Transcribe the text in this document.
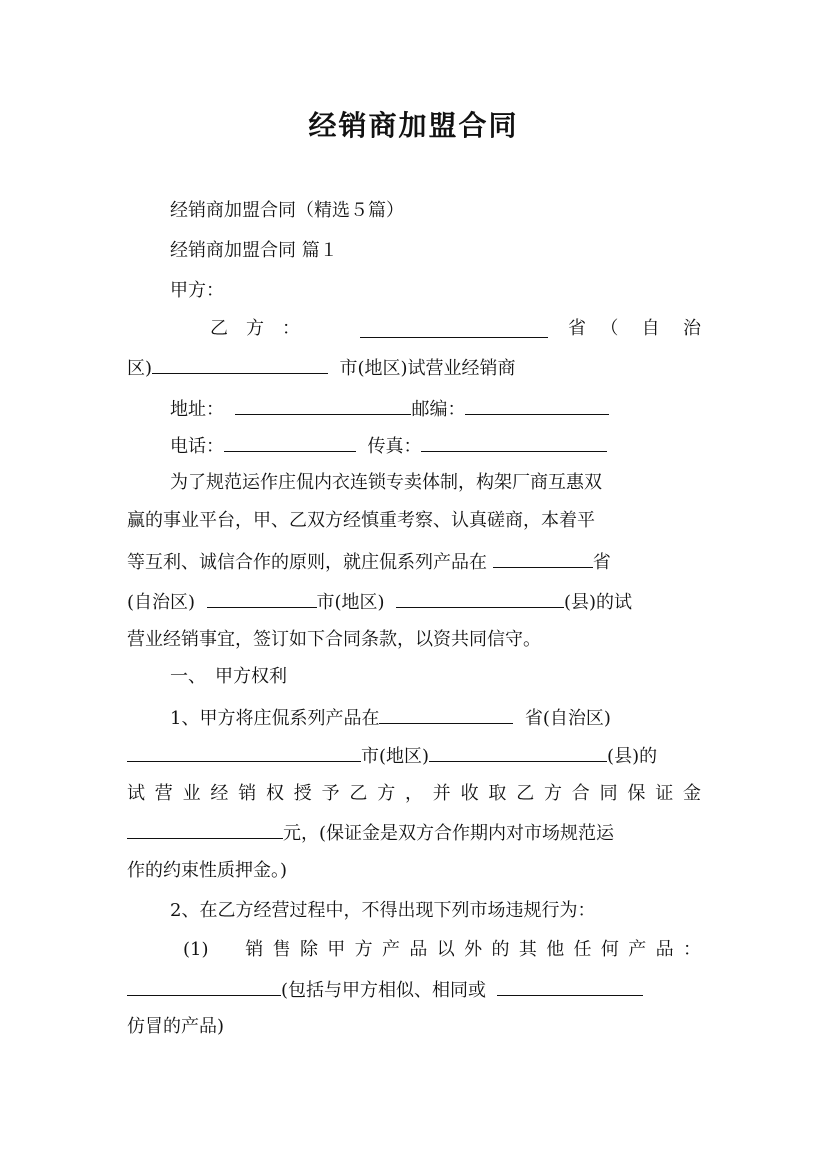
经销商加盟合同
经销商加盟合同（精选５篇）
经销商加盟合同 篇１
甲方：
乙　方　：	省　（　自　治
区)	市(地区)试营业经销商
地址：	邮编：
电话：	传真：
为了规范运作庄侃内衣连锁专卖体制，构架厂商互惠双
赢的事业平台，甲、乙双方经慎重考察、认真磋商，本着平
等互利、诚信合作的原则，就庄侃系列产品在	省
(自治区)	市(地区)	(县)的试
营业经销事宜，签订如下合同条款，以资共同信守。
一、　甲方权利
1、甲方将庄侃系列产品在	省(自治区)
市(地区)	(县)的
试营业经销权授予乙方，并收取乙方合同保证金
元，(保证金是双方合作期内对市场规范运
作的约束性质押金。)
2、在乙方经营过程中，不得出现下列市场违规行为：
(1)　销售除甲方产品以外的其他任何产品：
(包括与甲方相似、相同或
仿冒的产品)
